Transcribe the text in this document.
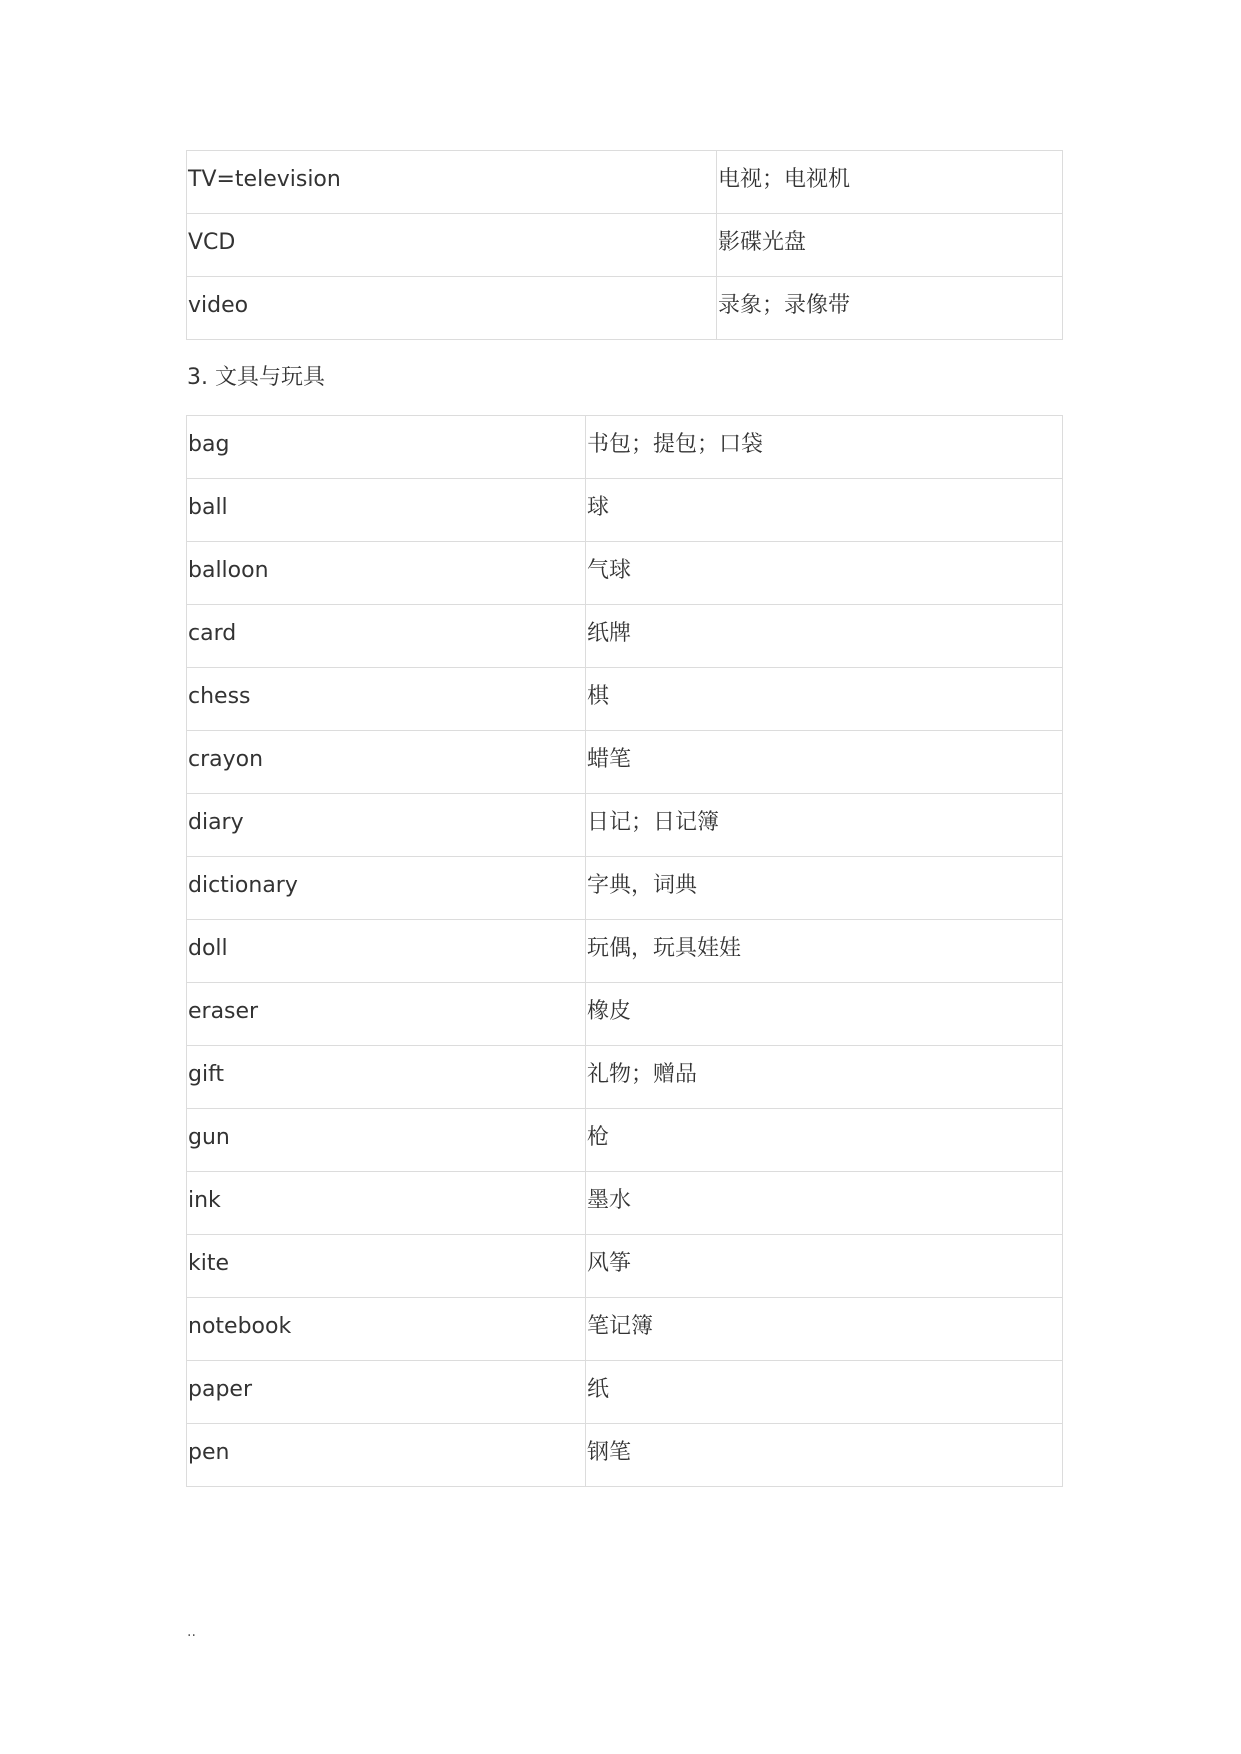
TV=television	电视；电视机
VCD	影碟光盘
video	录象；录像带
3. 文具与玩具
bag	书包；提包；口袋
ball	球
balloon	气球
card	纸牌
chess	棋
crayon	蜡笔
diary	日记；日记簿
dictionary	字典，词典
doll	玩偶，玩具娃娃
eraser	橡皮
gift	礼物；赠品
gun	枪
ink	墨水
kite	风筝
notebook	笔记簿
paper	纸
pen	钢笔
..
